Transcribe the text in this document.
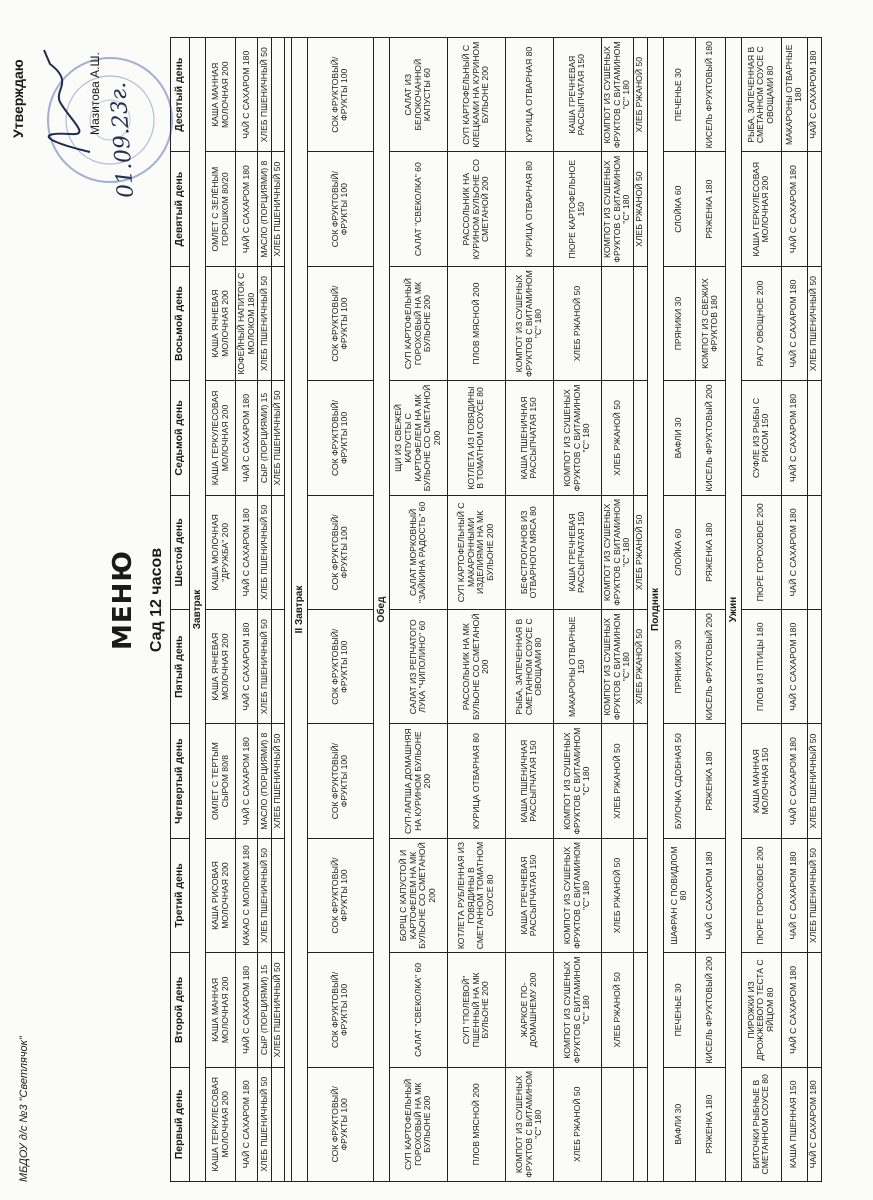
МБДОУ д/с №3 "Светлячок"
Утверждаю	Мазитова А.Ш. 01.09.23г.
МЕНЮ Сад 12 часов
Первый день	Второй день	Третий день	Четвертый день	Пятый день	Шестой день	Седьмой день	Восьмой день	Девятый день	Десятый день
Завтрак									
КАША ГЕРКУЛЕСОВАЯ МОЛОЧНАЯ 200	КАША МАННАЯ МОЛОЧНАЯ 200	КАША РИСОВАЯ МОЛОЧНАЯ 200	ОМЛЕТ С ТЕРТЫМ СЫРОМ 80/8	КАША ЯЧНЕВАЯ МОЛОЧНАЯ 200	КАША МОЛОЧНАЯ "ДРУЖБА" 200	КАША ГЕРКУЛЕСОВАЯ МОЛОЧНАЯ 200	КАША ЯЧНЕВАЯ МОЛОЧНАЯ 200	ОМЛЕТ С ЗЕЛЁНЫМ ГОРОШКОМ 80/20	КАША МАННАЯ МОЛОЧНАЯ 200
ЧАЙ С САХАРОМ 180	ЧАЙ С САХАРОМ 180	КАКАО С МОЛОКОМ 180	ЧАЙ С САХАРОМ 180	ЧАЙ С САХАРОМ 180	ЧАЙ С САХАРОМ 180	ЧАЙ С САХАРОМ 180	КОФЕЙНЫЙ НАПИТОК С МОЛОКОМ 180	ЧАЙ С САХАРОМ 180	ЧАЙ С САХАРОМ 180
ХЛЕБ ПШЕНИЧНЫЙ 50	СЫР (ПОРЦИЯМИ) 15	ХЛЕБ ПШЕНИЧНЫЙ 50	МАСЛО (ПОРЦИЯМИ) 8	ХЛЕБ ПШЕНИЧНЫЙ 50	ХЛЕБ ПШЕНИЧНЫЙ 50	СЫР (ПОРЦИЯМИ) 15	ХЛЕБ ПШЕНИЧНЫЙ 50	МАСЛО (ПОРЦИЯМИ) 8	ХЛЕБ ПШЕНИЧНЫЙ 50
	ХЛЕБ ПШЕНИЧНЫЙ 50		ХЛЕБ ПШЕНИЧНЫЙ 50			ХЛЕБ ПШЕНИЧНЫЙ 50		ХЛЕБ ПШЕНИЧНЫЙ 50	

II Завтрак									
СОК ФРУКТОВЫЙ/ФРУКТЫ 100	СОК ФРУКТОВЫЙ/ФРУКТЫ 100	СОК ФРУКТОВЫЙ/ФРУКТЫ 100	СОК ФРУКТОВЫЙ/ФРУКТЫ 100	СОК ФРУКТОВЫЙ/ФРУКТЫ 100	СОК ФРУКТОВЫЙ/ФРУКТЫ 100	СОК ФРУКТОВЫЙ/ФРУКТЫ 100	СОК ФРУКТОВЫЙ/ФРУКТЫ 100	СОК ФРУКТОВЫЙ/ФРУКТЫ 100	СОК ФРУКТОВЫЙ/ФРУКТЫ 100
Обед									
СУП КАРТОФЕЛЬНЫЙ ГОРОХОВЫЙ НА МК БУЛЬОНЕ 200	САЛАТ "СВЕКОЛКА" 60	БОРЩ С КАПУСТОЙ И КАРТОФЕЛЕМ НА МК БУЛЬОНЕ СО СМЕТАНОЙ 200	СУП-ЛАПША ДОМАШНЯЯ НА КУРИНОМ БУЛЬОНЕ 200	САЛАТ ИЗ РЕПЧАТОГО ЛУКА "ЧИПОЛИНО" 60	САЛАТ МОРКОВНЫЙ "ЗАЙКИНА РАДОСТЬ" 60	ЩИ ИЗ СВЕЖЕЙ КАПУСТЫ С КАРТОФЕЛЕМ НА МК БУЛЬОНЕ СО СМЕТАНОЙ 200	СУП КАРТОФЕЛЬНЫЙ ГОРОХОВЫЙ НА МК БУЛЬОНЕ 200	САЛАТ "СВЕКОЛКА" 60	САЛАТ ИЗ БЕЛОКОЧАННОЙ КАПУСТЫ 60
ПЛОВ МЯСНОЙ 200	СУП "ПОЛЕВОЙ" ПШЕННЫЙ НА МК БУЛЬОНЕ 200	КОТЛЕТА РУБЛЕННАЯ ИЗ ГОВЯДИНЫ В СМЕТАННОМ ТОМАТНОМ СОУСЕ 80	КУРИЦА ОТВАРНАЯ 80	РАССОЛЬНИК НА МК БУЛЬОНЕ СО СМЕТАНОЙ 200	СУП КАРТОФЕЛЬНЫЙ С МАКАРОННЫМИ ИЗДЕЛИЯМИ НА МК БУЛЬОНЕ 200	КОТЛЕТА ИЗ ГОВЯДИНЫ В ТОМАТНОМ СОУСЕ 80	ПЛОВ МЯСНОЙ 200	РАССОЛЬНИК НА КУРИНОМ БУЛЬОНЕ СО СМЕТАНОЙ 200	СУП КАРТОФЕЛЬНЫЙ С КЛЕЦКАМИ НА КУРИНОМ БУЛЬОНЕ 200
КОМПОТ ИЗ СУШЕНЫХ ФРУКТОВ С ВИТАМИНОМ "С" 180	ЖАРКОЕ ПО-ДОМАШНЕМУ 200	КАША ГРЕЧНЕВАЯ РАССЫПЧАТАЯ 150	КАША ПШЕНИЧНАЯ РАССЫПЧАТАЯ 150	РЫБА, ЗАПЕЧЕННАЯ В СМЕТАННОМ СОУСЕ С ОВОЩАМИ 80	БЕФСТРОГАНОВ ИЗ ОТВАРНОГО МЯСА 80	КАША ПШЕНИЧНАЯ РАССЫПЧАТАЯ 150	КОМПОТ ИЗ СУШЕНЫХ ФРУКТОВ С ВИТАМИНОМ "С" 180	КУРИЦА ОТВАРНАЯ 80	КУРИЦА ОТВАРНАЯ 80
ХЛЕБ РЖАНОЙ 50	КОМПОТ ИЗ СУШЕНЫХ ФРУКТОВ С ВИТАМИНОМ "С" 180	КОМПОТ ИЗ СУШЕНЫХ ФРУКТОВ С ВИТАМИНОМ "С" 180	КОМПОТ ИЗ СУШЕНЫХ ФРУКТОВ С ВИТАМИНОМ "С" 180	МАКАРОНЫ ОТВАРНЫЕ 150	КАША ГРЕЧНЕВАЯ РАССЫПЧАТАЯ 150	КОМПОТ ИЗ СУШЕНЫХ ФРУКТОВ С ВИТАМИНОМ "С" 180	ХЛЕБ РЖАНОЙ 50	ПЮРЕ КАРТОФЕЛЬНОЕ 150	КАША ГРЕЧНЕВАЯ РАССЫПЧАТАЯ 150
	ХЛЕБ РЖАНОЙ 50	ХЛЕБ РЖАНОЙ 50	ХЛЕБ РЖАНОЙ 50	КОМПОТ ИЗ СУШЕНЫХ ФРУКТОВ С ВИТАМИНОМ "С" 180	КОМПОТ ИЗ СУШЕНЫХ ФРУКТОВ С ВИТАМИНОМ "С" 180	ХЛЕБ РЖАНОЙ 50		КОМПОТ ИЗ СУШЕНЫХ ФРУКТОВ С ВИТАМИНОМ "С" 180	КОМПОТ ИЗ СУШЕНЫХ ФРУКТОВ С ВИТАМИНОМ "С" 180
				ХЛЕБ РЖАНОЙ 50	ХЛЕБ РЖАНОЙ 50			ХЛЕБ РЖАНОЙ 50	ХЛЕБ РЖАНОЙ 50
Полдник									
ВАФЛИ 30	ПЕЧЕНЬЕ 30	ШАФРАН С ПОВИДЛОМ 80	БУЛОЧКА СДОБНАЯ 50	ПРЯНИКИ 30	СЛОЙКА 60	ВАФЛИ 30	ПРЯНИКИ 30	СЛОЙКА 60	ПЕЧЕНЬЕ 30
РЯЖЕНКА 180	КИСЕЛЬ ФРУКТОВЫЙ 200	ЧАЙ С САХАРОМ 180	РЯЖЕНКА 180	КИСЕЛЬ ФРУКТОВЫЙ 200	РЯЖЕНКА 180	КИСЕЛЬ ФРУКТОВЫЙ 200	КОМПОТ ИЗ СВЕЖИХ ФРУКТОВ 180	РЯЖЕНКА 180	КИСЕЛЬ ФРУКТОВЫЙ 180
Ужин									
БИТОЧКИ РЫБНЫЕ В СМЕТАННОМ СОУСЕ 80	ПИРОЖКИ ИЗ ДРОЖЖЕВОГО ТЕСТА С ЯЙЦОМ 80	ПЮРЕ ГОРОХОВОЕ 200	КАША МАННАЯ МОЛОЧНАЯ 150	ПЛОВ ИЗ ПТИЦЫ 180	ПЮРЕ ГОРОХОВОЕ 200	СУФЛЕ ИЗ РЫБЫ С РИСОМ 150	РАГУ ОВОЩНОЕ 200	КАША ГЕРКУЛЕСОВАЯ МОЛОЧНАЯ 200	РЫБА, ЗАПЕЧЕННАЯ В СМЕТАННОМ СОУСЕ С ОВОЩАМИ 80
КАША ПШЕННАЯ 150	ЧАЙ С САХАРОМ 180	ЧАЙ С САХАРОМ 180	ЧАЙ С САХАРОМ 180	ЧАЙ С САХАРОМ 180	ЧАЙ С САХАРОМ 180	ЧАЙ С САХАРОМ 180	ЧАЙ С САХАРОМ 180	ЧАЙ С САХАРОМ 180	МАКАРОНЫ ОТВАРНЫЕ 180
ЧАЙ С САХАРОМ 180		ХЛЕБ ПШЕНИЧНЫЙ 50	ХЛЕБ ПШЕНИЧНЫЙ 50				ХЛЕБ ПШЕНИЧНЫЙ 50		ЧАЙ С САХАРОМ 180
